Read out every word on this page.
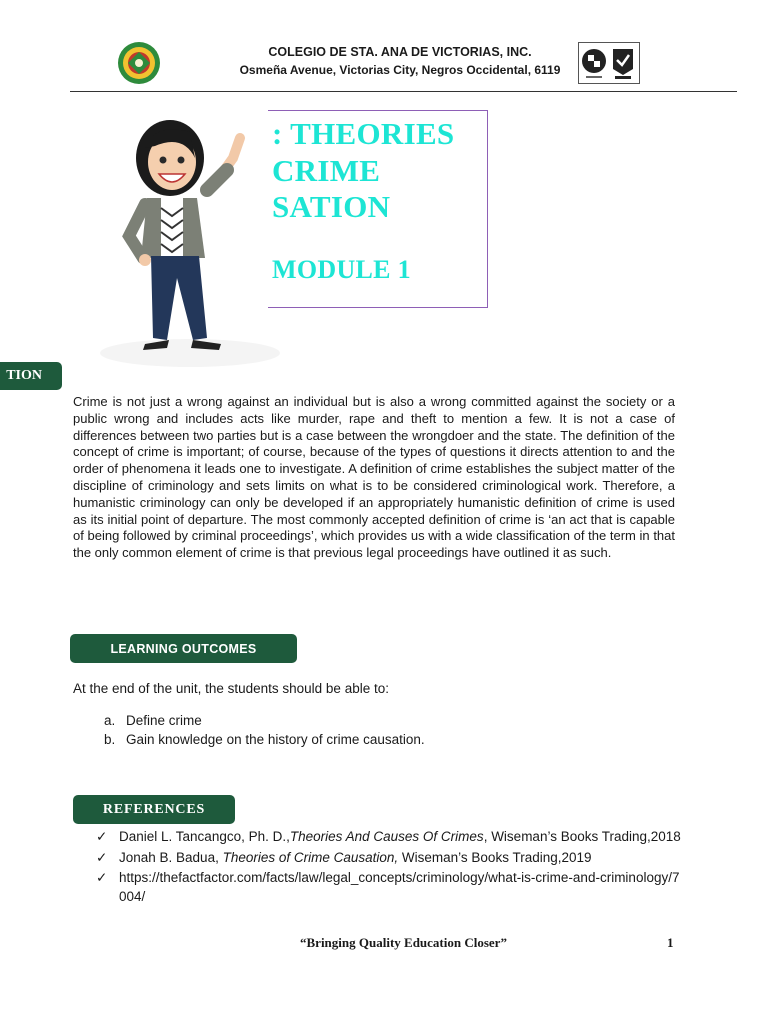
COLEGIO DE STA. ANA DE VICTORIAS, INC.
Osmeña Avenue, Victorias City, Negros Occidental, 6119
: THEORIES
CRIME
SATION
MODULE 1
TION
Crime is not just a wrong against an individual but is also a wrong committed against the society or a public wrong and includes acts like murder, rape and theft to mention a few. It is not a case of differences between two parties but is a case between the wrongdoer and the state. The definition of the concept of crime is important; of course, because of the types of questions it directs attention to and the order of phenomena it leads one to investigate. A definition of crime establishes the subject matter of the discipline of criminology and sets limits on what is to be considered criminological work. Therefore, a humanistic criminology can only be developed if an appropriately humanistic definition of crime is used as its initial point of departure. The most commonly accepted definition of crime is ‘an act that is capable of being followed by criminal proceedings’, which provides us with a wide classification of the term in that the only common element of crime is that previous legal proceedings have outlined it as such.
LEARNING OUTCOMES
At the end of the unit, the students should be able to:
a. Define crime
b. Gain knowledge on the history of crime causation.
REFERENCES
✓ Daniel L. Tancangco, Ph. D.,Theories And Causes Of Crimes, Wiseman’s Books Trading,2018
✓ Jonah B. Badua, Theories of Crime Causation, Wiseman’s Books Trading,2019
✓ https://thefactfactor.com/facts/law/legal_concepts/criminology/what-is-crime-and-criminology/7004/
“Bringing Quality Education Closer”	1
